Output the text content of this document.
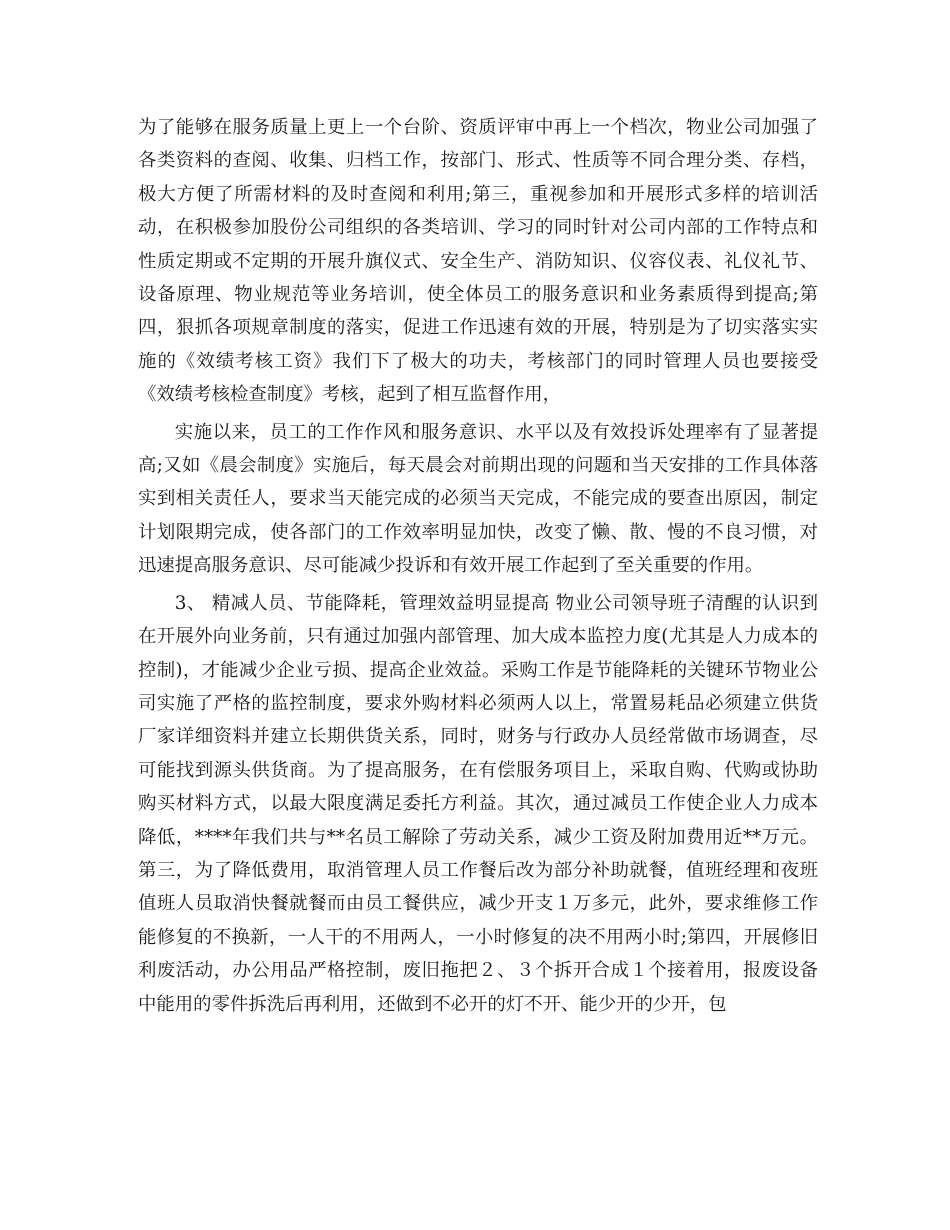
为了能够在服务质量上更上一个台阶、资质评审中再上一个档次，物业公司加强了各类资料的查阅、收集、归档工作，按部门、形式、性质等不同合理分类、存档，极大方便了所需材料的及时查阅和利用;第三，重视参加和开展形式多样的培训活动，在积极参加股份公司组织的各类培训、学习的同时针对公司内部的工作特点和性质定期或不定期的开展升旗仪式、安全生产、消防知识、仪容仪表、礼仪礼节、设备原理、物业规范等业务培训，使全体员工的服务意识和业务素质得到提高;第四，狠抓各项规章制度的落实，促进工作迅速有效的开展，特别是为了切实落实实施的《效绩考核工资》我们下了极大的功夫，考核部门的同时管理人员也要接受《效绩考核检查制度》考核，起到了相互监督作用，

实施以来，员工的工作作风和服务意识、水平以及有效投诉处理率有了显著提高;又如《晨会制度》实施后，每天晨会对前期出现的问题和当天安排的工作具体落实到相关责任人，要求当天能完成的必须当天完成，不能完成的要查出原因，制定计划限期完成，使各部门的工作效率明显加快，改变了懒、散、慢的不良习惯，对迅速提高服务意识、尽可能减少投诉和有效开展工作起到了至关重要的作用。

3、 精减人员、节能降耗，管理效益明显提高 物业公司领导班子清醒的认识到在开展外向业务前，只有通过加强内部管理、加大成本监控力度(尤其是人力成本的控制)，才能减少企业亏损、提高企业效益。采购工作是节能降耗的关键环节物业公司实施了严格的监控制度，要求外购材料必须两人以上，常置易耗品必须建立供货厂家详细资料并建立长期供货关系，同时，财务与行政办人员经常做市场调查，尽可能找到源头供货商。为了提高服务，在有偿服务项目上，采取自购、代购或协助购买材料方式，以最大限度满足委托方利益。其次，通过减员工作使企业人力成本降低，****年我们共与**名员工解除了劳动关系，减少工资及附加费用近**万元。第三，为了降低费用，取消管理人员工作餐后改为部分补助就餐，值班经理和夜班值班人员取消快餐就餐而由员工餐供应，减少开支１万多元，此外，要求维修工作能修复的不换新，一人干的不用两人，一小时修复的决不用两小时;第四，开展修旧利废活动，办公用品严格控制，废旧拖把２、３个拆开合成１个接着用，报废设备中能用的零件拆洗后再利用，还做到不必开的灯不开、能少开的少开，包
